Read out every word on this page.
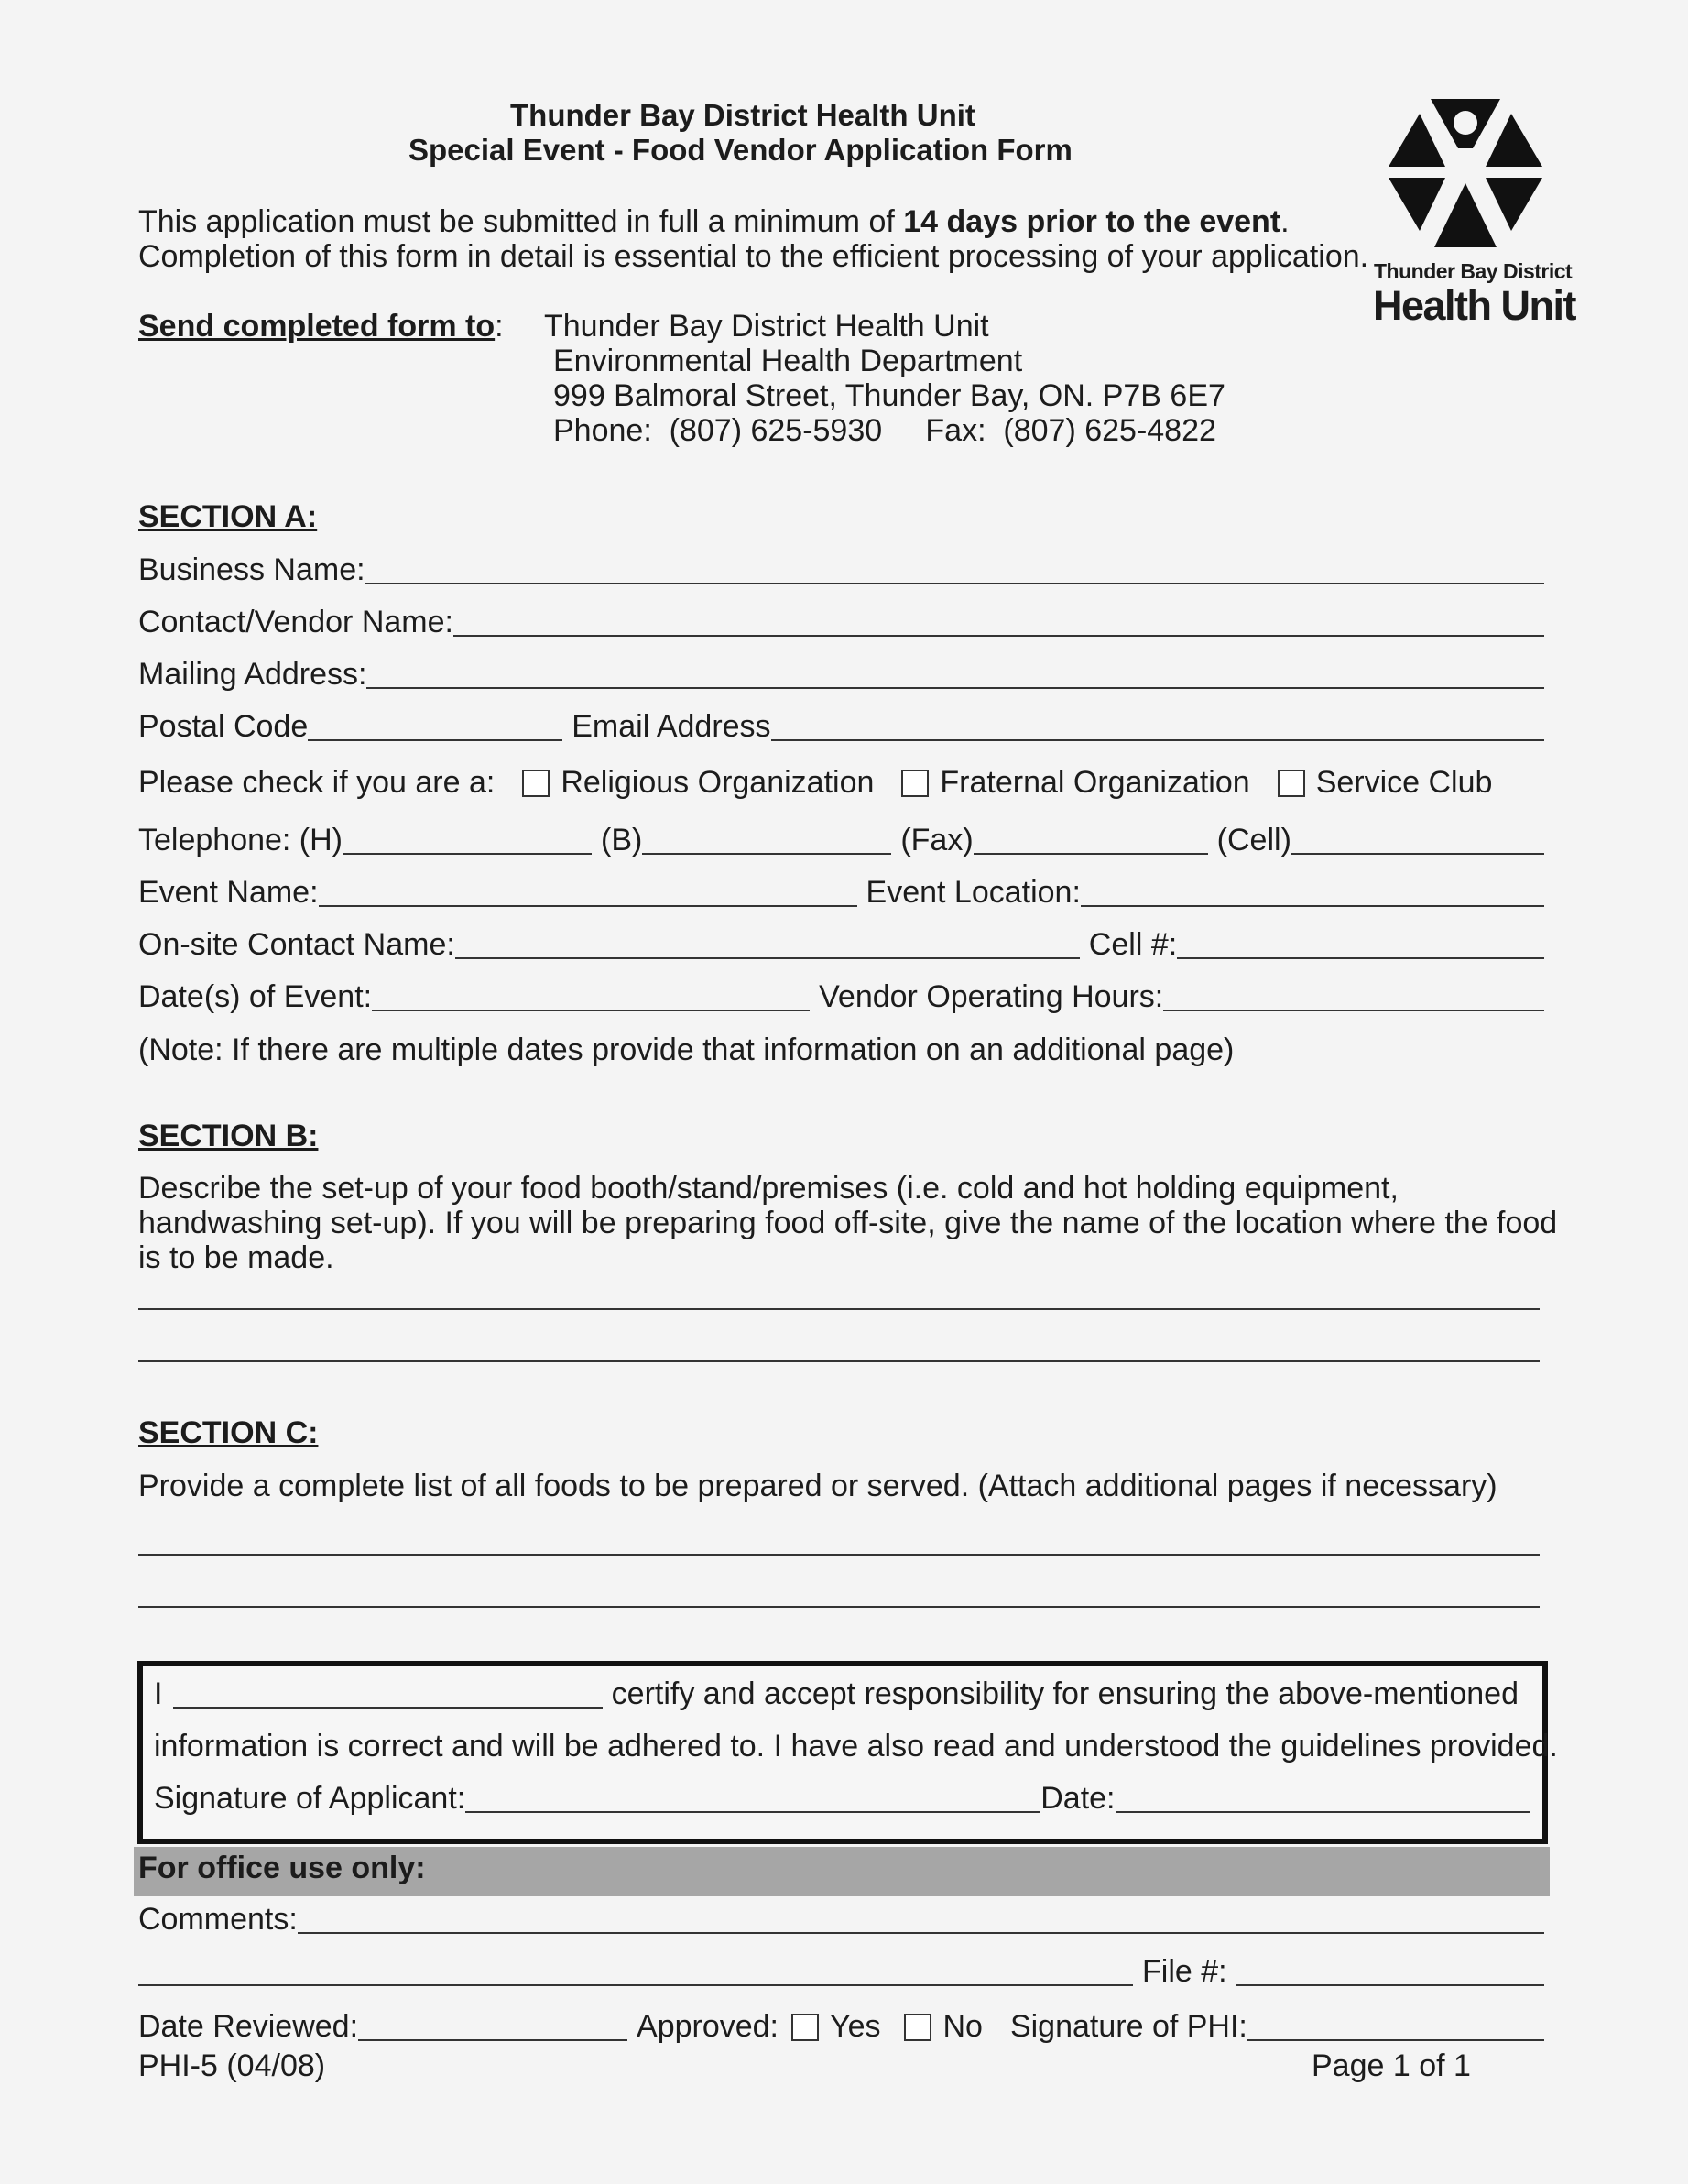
Thunder Bay District Health Unit
Special Event - Food Vendor Application Form
This application must be submitted in full a minimum of 14 days prior to the event.
Completion of this form in detail is essential to the efficient processing of your application.
Send completed form to: Thunder Bay District Health Unit
Environmental Health Department
999 Balmoral Street, Thunder Bay, ON. P7B 6E7
Phone:  (807) 625-5930     Fax:  (807) 625-4822
Thunder Bay District
Health Unit
SECTION A:
Business Name:
Contact/Vendor Name:
Mailing Address:
Postal Code	Email Address
Please check if you are a: Religious Organization Fraternal Organization Service Club
Telephone: (H)	(B)	(Fax)	(Cell)
Event Name:	Event Location:
On-site Contact Name:	Cell #:
Date(s) of Event:	Vendor Operating Hours:
(Note: If there are multiple dates provide that information on an additional page)
SECTION B:
Describe the set-up of your food booth/stand/premises (i.e. cold and hot holding equipment,
handwashing set-up). If you will be preparing food off-site, give the name of the location where the food
is to be made.
SECTION C:
Provide a complete list of all foods to be prepared or served. (Attach additional pages if necessary)
I	certify and accept responsibility for ensuring the above-mentioned
information is correct and will be adhered to. I have also read and understood the guidelines provided.
Signature of Applicant:	Date:
For office use only:
Comments:
File #:
Date Reviewed:	Approved: Yes No Signature of PHI:
PHI-5 (04/08)	Page 1 of 1
